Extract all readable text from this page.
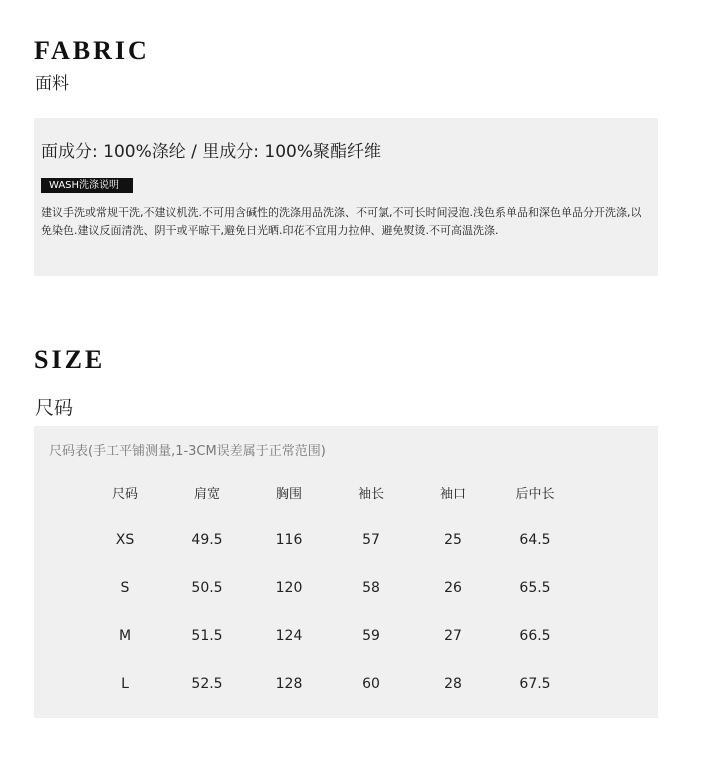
FABRIC
面料
面成分: 100%涤纶 / 里成分: 100%聚酯纤维
WASH洗涤说明
建议手洗或常规干洗,不建议机洗.不可用含碱性的洗涤用品洗涤、不可氯,不可长时间浸泡.浅色系单品和深色单品分开洗涤,以免染色.建议反面清洗、阴干或平晾干,避免日光晒.印花不宜用力拉伸、避免熨烫.不可高温洗涤.
SIZE
尺码
尺码表(手工平铺测量,1-3CM误差属于正常范围)
尺码	肩宽	胸围	袖长	袖口	后中长
XS	49.5	116	57	25	64.5
S	50.5	120	58	26	65.5
M	51.5	124	59	27	66.5
L	52.5	128	60	28	67.5
